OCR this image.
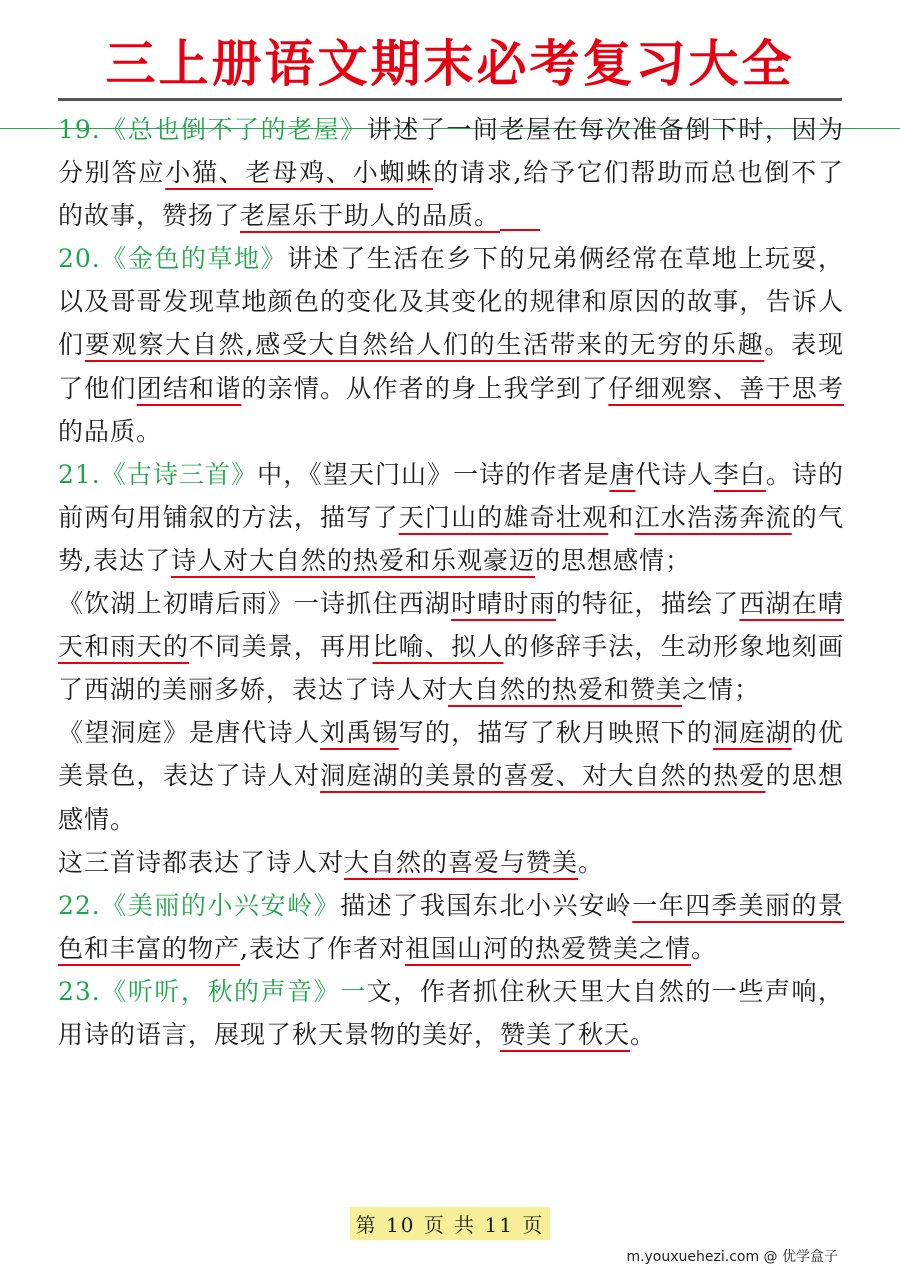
三上册语文期末必考复习大全

19.《总也倒不了的老屋》讲述了一间老屋在每次准备倒下时，因为分别答应小猫、老母鸡、小蜘蛛的请求,给予它们帮助而总也倒不了的故事，赞扬了老屋乐于助人的品质。

20.《金色的草地》讲述了生活在乡下的兄弟俩经常在草地上玩耍，以及哥哥发现草地颜色的变化及其变化的规律和原因的故事，告诉人们要观察大自然,感受大自然给人们的生活带来的无穷的乐趣。表现了他们团结和谐的亲情。从作者的身上我学到了仔细观察、善于思考的品质。

21.《古诗三首》中，《望天门山》一诗的作者是唐代诗人李白。诗的前两句用铺叙的方法，描写了天门山的雄奇壮观和江水浩荡奔流的气势,表达了诗人对大自然的热爱和乐观豪迈的思想感情；

《饮湖上初晴后雨》一诗抓住西湖时晴时雨的特征，描绘了西湖在晴天和雨天的不同美景，再用比喻、拟人的修辞手法，生动形象地刻画了西湖的美丽多娇，表达了诗人对大自然的热爱和赞美之情；

《望洞庭》是唐代诗人刘禹锡写的，描写了秋月映照下的洞庭湖的优美景色，表达了诗人对洞庭湖的美景的喜爱、对大自然的热爱的思想感情。

这三首诗都表达了诗人对大自然的喜爱与赞美。

22.《美丽的小兴安岭》描述了我国东北小兴安岭一年四季美丽的景色和丰富的物产,表达了作者对祖国山河的热爱赞美之情。

23.《听听，秋的声音》一文，作者抓住秋天里大自然的一些声响，用诗的语言，展现了秋天景物的美好，赞美了秋天。

第 10 页 共 11 页
m.youxuehezi.com @ 优学盒子
